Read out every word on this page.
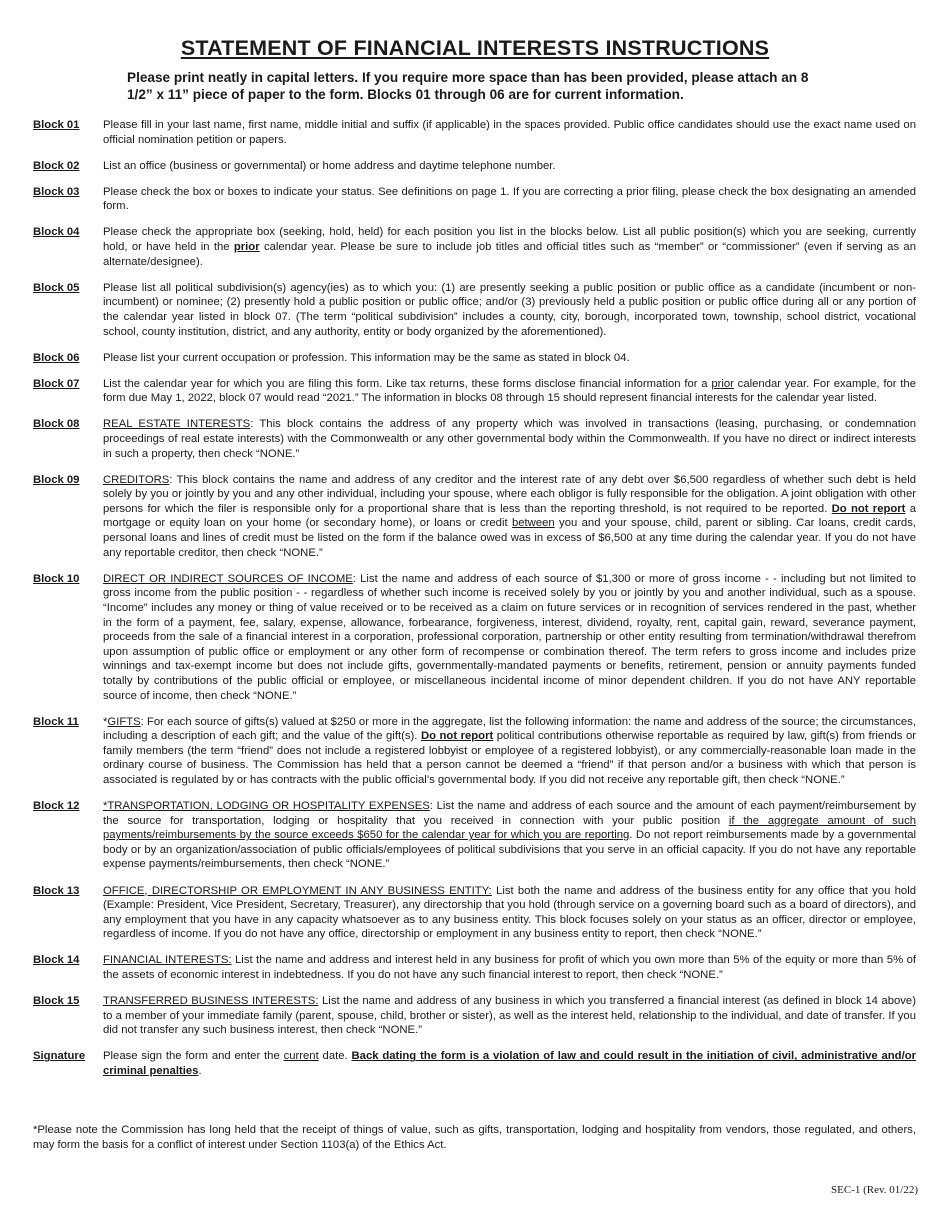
STATEMENT OF FINANCIAL INTERESTS INSTRUCTIONS
Please print neatly in capital letters. If you require more space than has been provided, please attach an 8 1/2” x 11” piece of paper to the form. Blocks 01 through 06 are for current information.
Block 01	Please fill in your last name, first name, middle initial and suffix (if applicable) in the spaces provided. Public office candidates should use the exact name used on official nomination petition or papers.
Block 02	List an office (business or governmental) or home address and daytime telephone number.
Block 03	Please check the box or boxes to indicate your status. See definitions on page 1. If you are correcting a prior filing, please check the box designating an amended form.
Block 04	Please check the appropriate box (seeking, hold, held) for each position you list in the blocks below. List all public position(s) which you are seeking, currently hold, or have held in the prior calendar year. Please be sure to include job titles and official titles such as “member” or “commissioner” (even if serving as an alternate/designee).
Block 05	Please list all political subdivision(s) agency(ies) as to which you: (1) are presently seeking a public position or public office as a candidate (incumbent or non-incumbent) or nominee; (2) presently hold a public position or public office; and/or (3) previously held a public position or public office during all or any portion of the calendar year listed in block 07. (The term “political subdivision” includes a county, city, borough, incorporated town, township, school district, vocational school, county institution, district, and any authority, entity or body organized by the aforementioned).
Block 06	Please list your current occupation or profession. This information may be the same as stated in block 04.
Block 07	List the calendar year for which you are filing this form. Like tax returns, these forms disclose financial information for a prior calendar year. For example, for the form due May 1, 2022, block 07 would read “2021.” The information in blocks 08 through 15 should represent financial interests for the calendar year listed.
Block 08	REAL ESTATE INTERESTS: This block contains the address of any property which was involved in transactions (leasing, purchasing, or condemnation proceedings of real estate interests) with the Commonwealth or any other governmental body within the Commonwealth. If you have no direct or indirect interests in such a property, then check “NONE.”
Block 09	CREDITORS: This block contains the name and address of any creditor and the interest rate of any debt over $6,500 regardless of whether such debt is held solely by you or jointly by you and any other individual, including your spouse, where each obligor is fully responsible for the obligation. A joint obligation with other persons for which the filer is responsible only for a proportional share that is less than the reporting threshold, is not required to be reported. Do not report a mortgage or equity loan on your home (or secondary home), or loans or credit between you and your spouse, child, parent or sibling. Car loans, credit cards, personal loans and lines of credit must be listed on the form if the balance owed was in excess of $6,500 at any time during the calendar year. If you do not have any reportable creditor, then check “NONE.”
Block 10	DIRECT OR INDIRECT SOURCES OF INCOME: List the name and address of each source of $1,300 or more of gross income - - including but not limited to gross income from the public position - - regardless of whether such income is received solely by you or jointly by you and another individual, such as a spouse. “Income” includes any money or thing of value received or to be received as a claim on future services or in recognition of services rendered in the past, whether in the form of a payment, fee, salary, expense, allowance, forbearance, forgiveness, interest, dividend, royalty, rent, capital gain, reward, severance payment, proceeds from the sale of a financial interest in a corporation, professional corporation, partnership or other entity resulting from termination/withdrawal therefrom upon assumption of public office or employment or any other form of recompense or combination thereof. The term refers to gross income and includes prize winnings and tax-exempt income but does not include gifts, governmentally-mandated payments or benefits, retirement, pension or annuity payments funded totally by contributions of the public official or employee, or miscellaneous incidental income of minor dependent children. If you do not have ANY reportable source of income, then check “NONE.”
Block 11	*GIFTS: For each source of gifts(s) valued at $250 or more in the aggregate, list the following information: the name and address of the source; the circumstances, including a description of each gift; and the value of the gift(s). Do not report political contributions otherwise reportable as required by law, gift(s) from friends or family members (the term “friend” does not include a registered lobbyist or employee of a registered lobbyist), or any commercially-reasonable loan made in the ordinary course of business. The Commission has held that a person cannot be deemed a “friend” if that person and/or a business with which that person is associated is regulated by or has contracts with the public official’s governmental body. If you did not receive any reportable gift, then check “NONE.”
Block 12	*TRANSPORTATION, LODGING OR HOSPITALITY EXPENSES: List the name and address of each source and the amount of each payment/reimbursement by the source for transportation, lodging or hospitality that you received in connection with your public position if the aggregate amount of such payments/reimbursements by the source exceeds $650 for the calendar year for which you are reporting. Do not report reimbursements made by a governmental body or by an organization/association of public officials/employees of political subdivisions that you serve in an official capacity. If you do not have any reportable expense payments/reimbursements, then check “NONE.”
Block 13	OFFICE, DIRECTORSHIP OR EMPLOYMENT IN ANY BUSINESS ENTITY: List both the name and address of the business entity for any office that you hold (Example: President, Vice President, Secretary, Treasurer), any directorship that you hold (through service on a governing board such as a board of directors), and any employment that you have in any capacity whatsoever as to any business entity. This block focuses solely on your status as an officer, director or employee, regardless of income. If you do not have any office, directorship or employment in any business entity to report, then check “NONE.”
Block 14	FINANCIAL INTERESTS: List the name and address and interest held in any business for profit of which you own more than 5% of the equity or more than 5% of the assets of economic interest in indebtedness. If you do not have any such financial interest to report, then check “NONE.”
Block 15	TRANSFERRED BUSINESS INTERESTS: List the name and address of any business in which you transferred a financial interest (as defined in block 14 above) to a member of your immediate family (parent, spouse, child, brother or sister), as well as the interest held, relationship to the individual, and date of transfer. If you did not transfer any such business interest, then check “NONE.”
Signature	Please sign the form and enter the current date. Back dating the form is a violation of law and could result in the initiation of civil, administrative and/or criminal penalties.
*Please note the Commission has long held that the receipt of things of value, such as gifts, transportation, lodging and hospitality from vendors, those regulated, and others, may form the basis for a conflict of interest under Section 1103(a) of the Ethics Act.
SEC-1 (Rev. 01/22)
